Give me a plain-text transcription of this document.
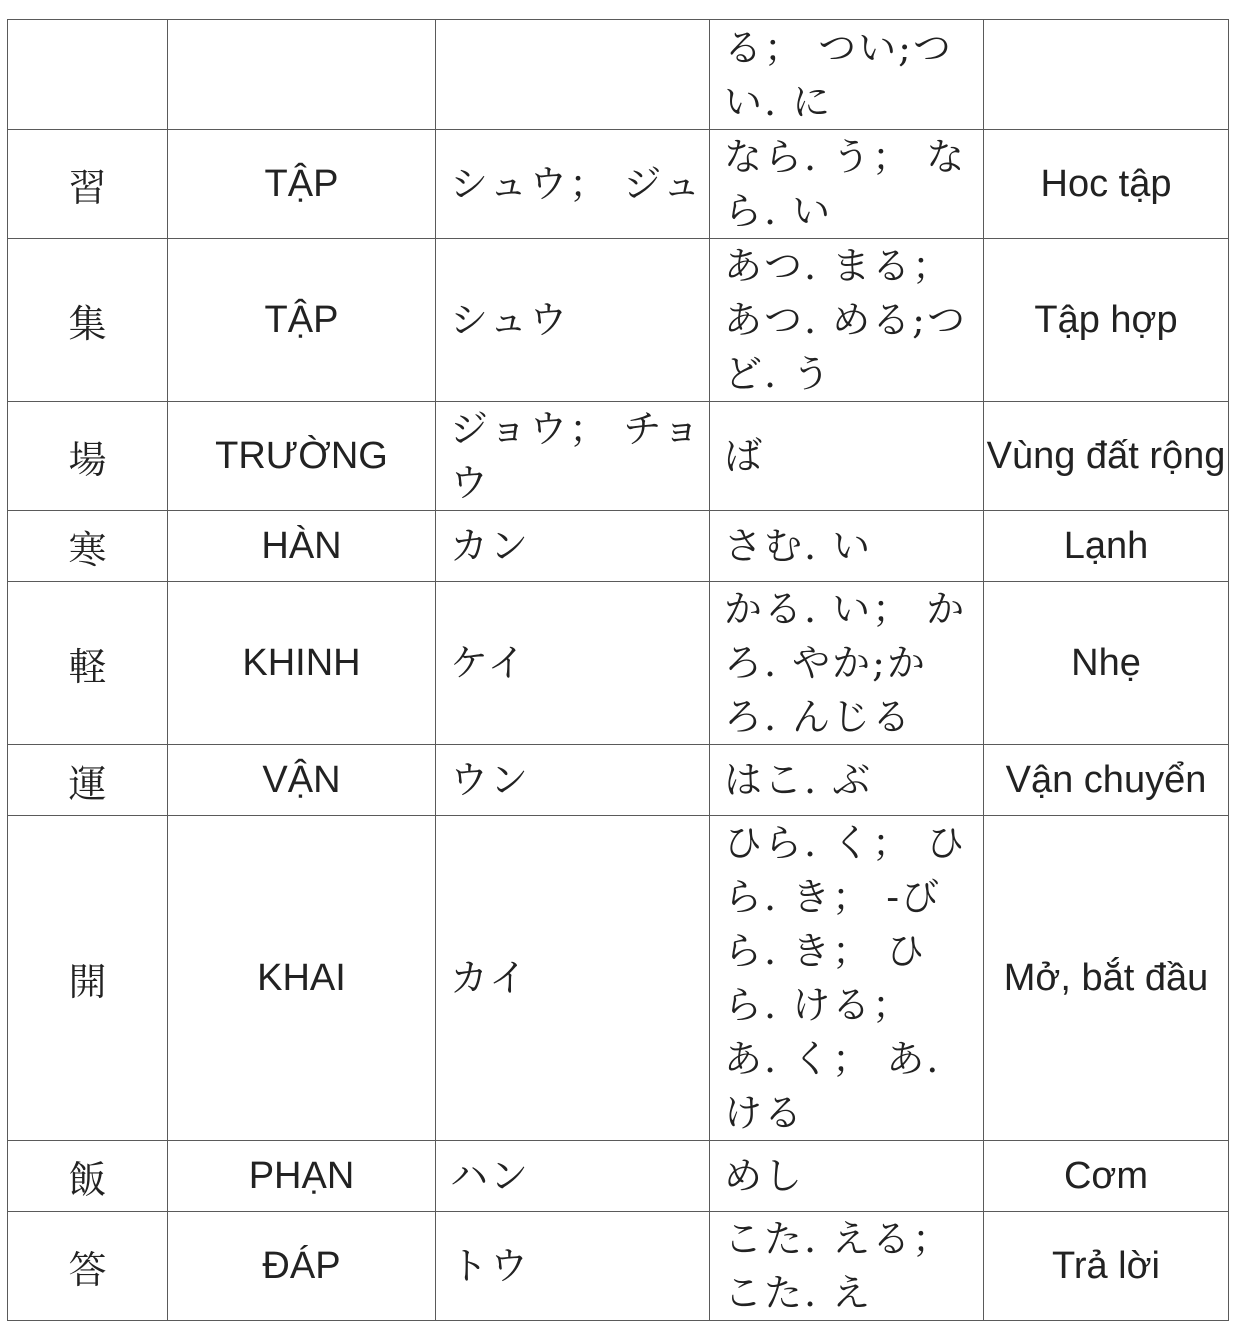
			る； つい;つい. に	
習	TẬP	シュウ； ジュ	なら. う； なら. い	Hoc tập
集	TẬP	シュウ	あつ. まる；あつ. める;つど. う	Tập hợp
場	TRƯỜNG	ジョウ； チョウ	ば	Vùng đất rộng
寒	HÀN	カン	さむ. い	Lạnh
軽	KHINH	ケイ	かる. い； かろ. やか;かろ. んじる	Nhẹ
運	VẬN	ウン	はこ. ぶ	Vận chuyển
開	KHAI	カイ	ひら. く； ひら. き； -びら. き； ひら. ける； あ. く； あ. ける	Mở, bắt đầu
飯	PHẠN	ハン	めし	Cơm
答	ĐÁP	トウ	こた. える； こた. え	Trả lời
